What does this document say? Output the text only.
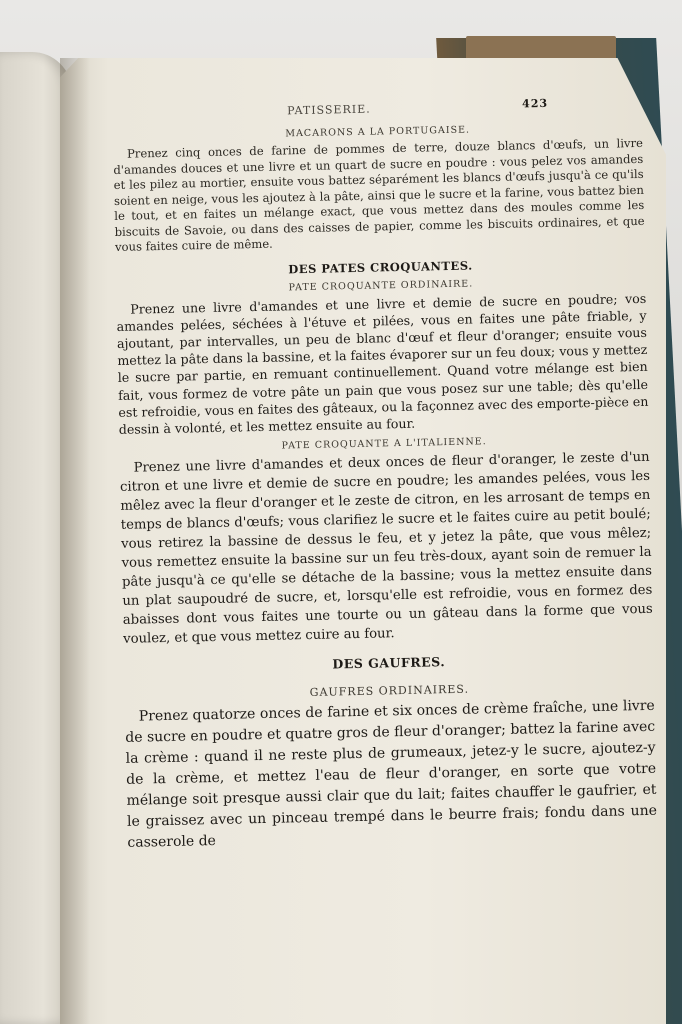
PATISSERIE.	423
MACARONS A LA PORTUGAISE.

Prenez cinq onces de farine de pommes de terre, douze blancs d'œufs, un livre d'amandes douces et une livre et un quart de sucre en poudre : vous pelez vos amandes et les pilez au mortier, ensuite vous battez séparément les blancs d'œufs jusqu'à ce qu'ils soient en neige, vous les ajoutez à la pâte, ainsi que le sucre et la farine, vous battez bien le tout, et en faites un mélange exact, que vous mettez dans des moules comme les biscuits de Savoie, ou dans des caisses de papier, comme les biscuits ordinaires, et que vous faites cuire de même.

DES PATES CROQUANTES.
PATE CROQUANTE ORDINAIRE.

Prenez une livre d'amandes et une livre et demie de sucre en poudre; vos amandes pelées, séchées à l'étuve et pilées, vous en faites une pâte friable, y ajoutant, par intervalles, un peu de blanc d'œuf et fleur d'oranger; ensuite vous mettez la pâte dans la bassine, et la faites évaporer sur un feu doux; vous y mettez le sucre par partie, en remuant continuellement. Quand votre mélange est bien fait, vous formez de votre pâte un pain que vous posez sur une table; dès qu'elle est refroidie, vous en faites des gâteaux, ou la façonnez avec des emporte-pièce en dessin à volonté, et les mettez ensuite au four.

PATE CROQUANTE A L'ITALIENNE.

Prenez une livre d'amandes et deux onces de fleur d'oranger, le zeste d'un citron et une livre et demie de sucre en poudre; les amandes pelées, vous les mêlez avec la fleur d'oranger et le zeste de citron, en les arrosant de temps en temps de blancs d'œufs; vous clarifiez le sucre et le faites cuire au petit boulé; vous retirez la bassine de dessus le feu, et y jetez la pâte, que vous mêlez; vous remettez ensuite la bassine sur un feu très-doux, ayant soin de remuer la pâte jusqu'à ce qu'elle se détache de la bassine; vous la mettez ensuite dans un plat saupoudré de sucre, et, lorsqu'elle est refroidie, vous en formez des abaisses dont vous faites une tourte ou un gâteau dans la forme que vous voulez, et que vous mettez cuire au four.

DES GAUFRES.
GAUFRES ORDINAIRES.

Prenez quatorze onces de farine et six onces de crème fraîche, une livre de sucre en poudre et quatre gros de fleur d'oranger; battez la farine avec la crème : quand il ne reste plus de grumeaux, jetez-y le sucre, ajoutez-y de la crème, et mettez l'eau de fleur d'oranger, en sorte que votre mélange soit presque aussi clair que du lait; faites chauffer le gaufrier, et le graissez avec un pinceau trempé dans le beurre frais; fondu dans une casserole de
